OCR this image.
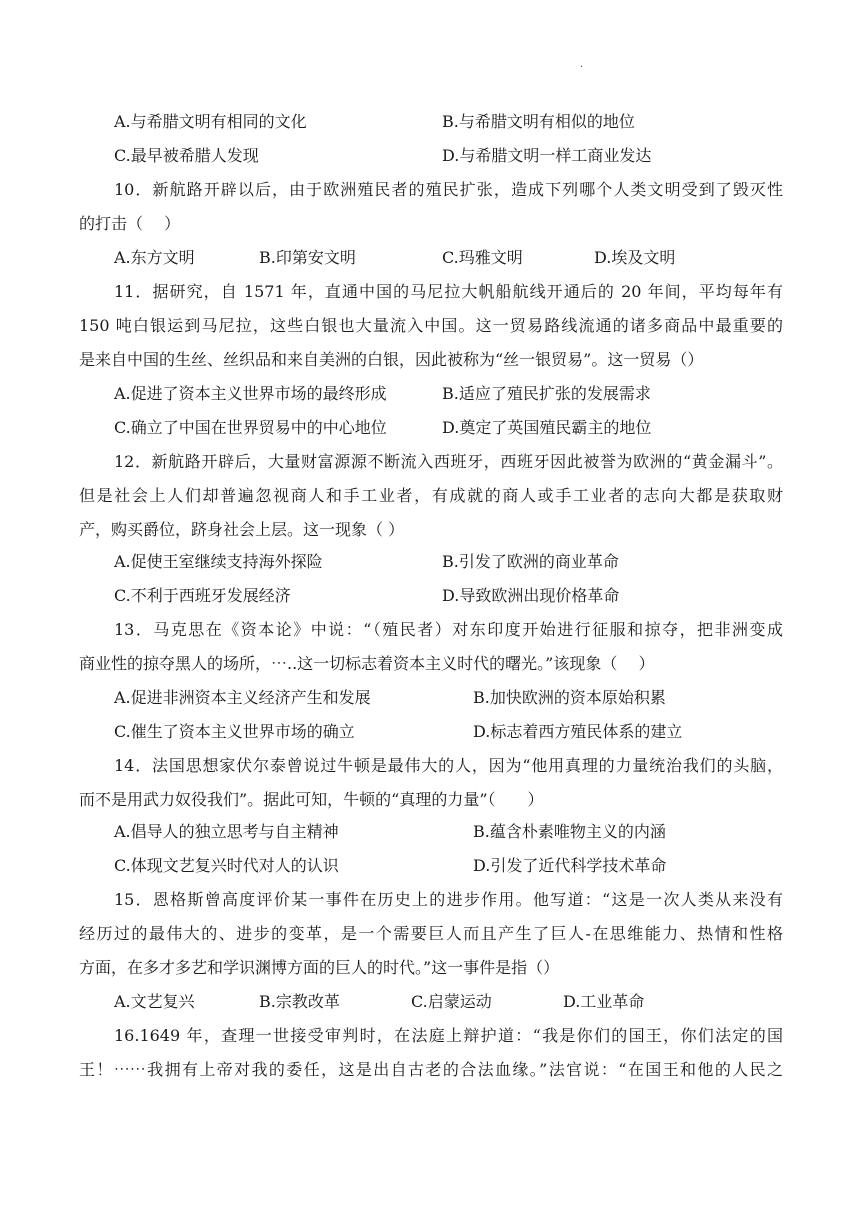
·
A.与希腊文明有相同的文化	B.与希腊文明有相似的地位
C.最早被希腊人发现	D.与希腊文明一样工商业发达
10．新航路开辟以后，由于欧洲殖民者的殖民扩张，造成下列哪个人类文明受到了毁灭性
的打击（　 ）
A.东方文明	B.印第安文明	C.玛雅文明	D.埃及文明
11．据研究，自 1571 年，直通中国的马尼拉大帆船航线开通后的 20 年间，平均每年有
150 吨白银运到马尼拉，这些白银也大量流入中国。这一贸易路线流通的诸多商品中最重要的
是来自中国的生丝、丝织品和来自美洲的白银，因此被称为“丝一银贸易”。这一贸易（）
A.促进了资本主义世界市场的最终形成	B.适应了殖民扩张的发展需求
C.确立了中国在世界贸易中的中心地位	D.奠定了英国殖民霸主的地位
12．新航路开辟后，大量财富源源不断流入西班牙，西班牙因此被誉为欧洲的“黄金漏斗”。
但是社会上人们却普遍忽视商人和手工业者，有成就的商人或手工业者的志向大都是获取财
产，购买爵位，跻身社会上层。这一现象（ ）
A.促使王室继续支持海外探险	B.引发了欧洲的商业革命
C.不利于西班牙发展经济	D.导致欧洲出现价格革命
13．马克思在《资本论》中说：“（殖民者）对东印度开始进行征服和掠夺，把非洲变成
商业性的掠夺黑人的场所，⋯..这一切标志着资本主义时代的曙光。”该现象（　 ）
A.促进非洲资本主义经济产生和发展	B.加快欧洲的资本原始积累
C.催生了资本主义世界市场的确立	D.标志着西方殖民体系的建立
14．法国思想家伏尔泰曾说过牛顿是最伟大的人，因为“他用真理的力量统治我们的头脑，
而不是用武力奴役我们”。据此可知，牛顿的“真理的力量”（　　）
A.倡导人的独立思考与自主精神	B.蕴含朴素唯物主义的内涵
C.体现文艺复兴时代对人的认识	D.引发了近代科学技术革命
15．恩格斯曾高度评价某一事件在历史上的进步作用。他写道：“这是一次人类从来没有
经历过的最伟大的、进步的变革，是一个需要巨人而且产生了巨人-在思维能力、热情和性格
方面，在多才多艺和学识渊博方面的巨人的时代。”这一事件是指（）
A.文艺复兴	B.宗教改革	C.启蒙运动	D.工业革命
16.1649 年，查理一世接受审判时，在法庭上辩护道：“我是你们的国王，你们法定的国
王！⋯⋯我拥有上帝对我的委任，这是出自古老的合法血缘。”法官说：“在国王和他的人民之
